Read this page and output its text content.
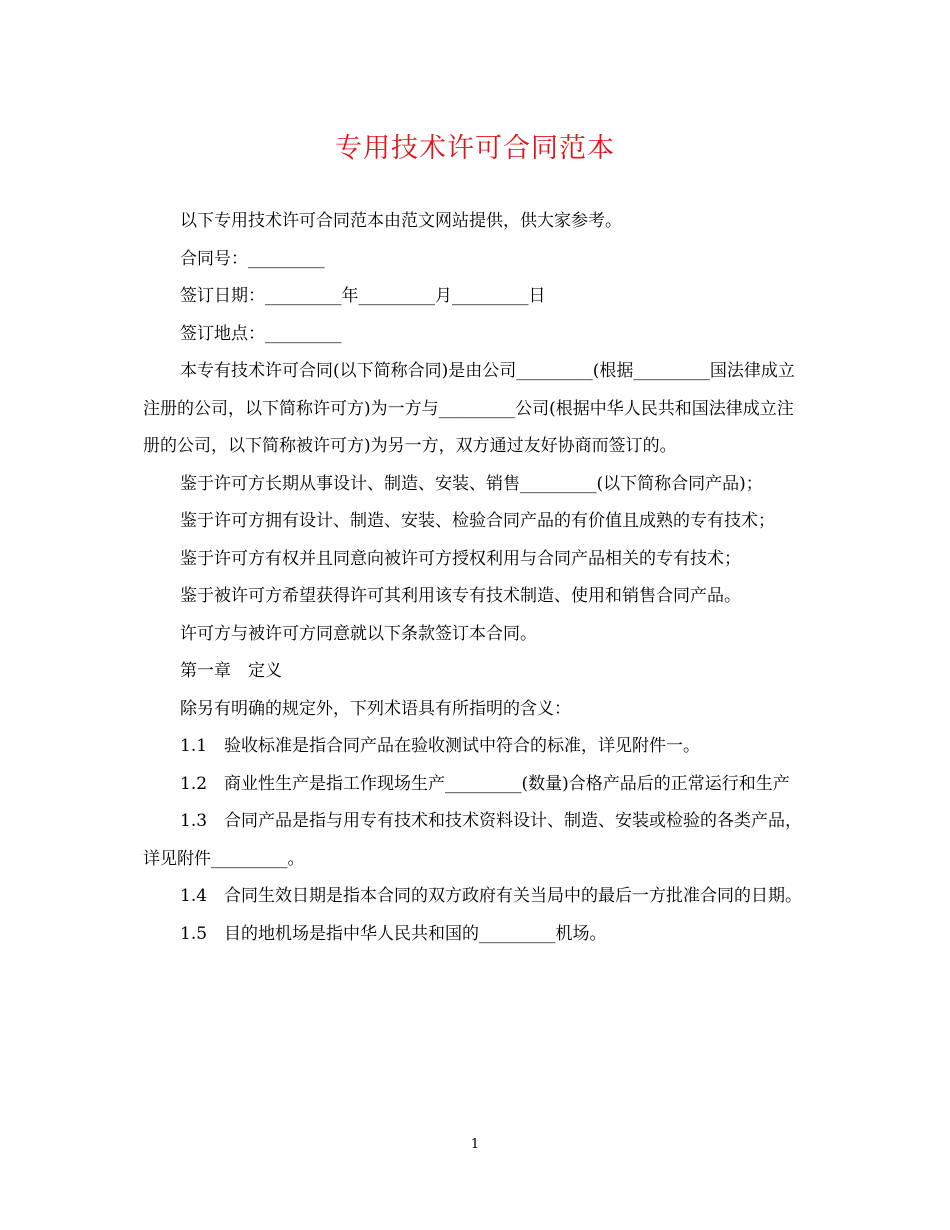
专用技术许可合同范本

以下专用技术许可合同范本由范文网站提供，供大家参考。

合同号：_________

签订日期：_________年_________月_________日

签订地点：_________

本专有技术许可合同(以下简称合同)是由公司_________(根据_________国法律成立注册的公司，以下简称许可方)为一方与_________公司(根据中华人民共和国法律成立注册的公司，以下简称被许可方)为另一方，双方通过友好协商而签订的。

鉴于许可方长期从事设计、制造、安装、销售_________(以下简称合同产品)；

鉴于许可方拥有设计、制造、安装、检验合同产品的有价值且成熟的专有技术；

鉴于许可方有权并且同意向被许可方授权利用与合同产品相关的专有技术；

鉴于被许可方希望获得许可其利用该专有技术制造、使用和销售合同产品。

许可方与被许可方同意就以下条款签订本合同。

第一章　定义

除另有明确的规定外，下列术语具有所指明的含义：

1.1　验收标准是指合同产品在验收测试中符合的标准，详见附件一。

1.2　商业性生产是指工作现场生产_________(数量)合格产品后的正常运行和生产

1.3　合同产品是指与用专有技术和技术资料设计、制造、安装或检验的各类产品，详见附件_________。

1.4　合同生效日期是指本合同的双方政府有关当局中的最后一方批准合同的日期。

1.5　目的地机场是指中华人民共和国的_________机场。

1
